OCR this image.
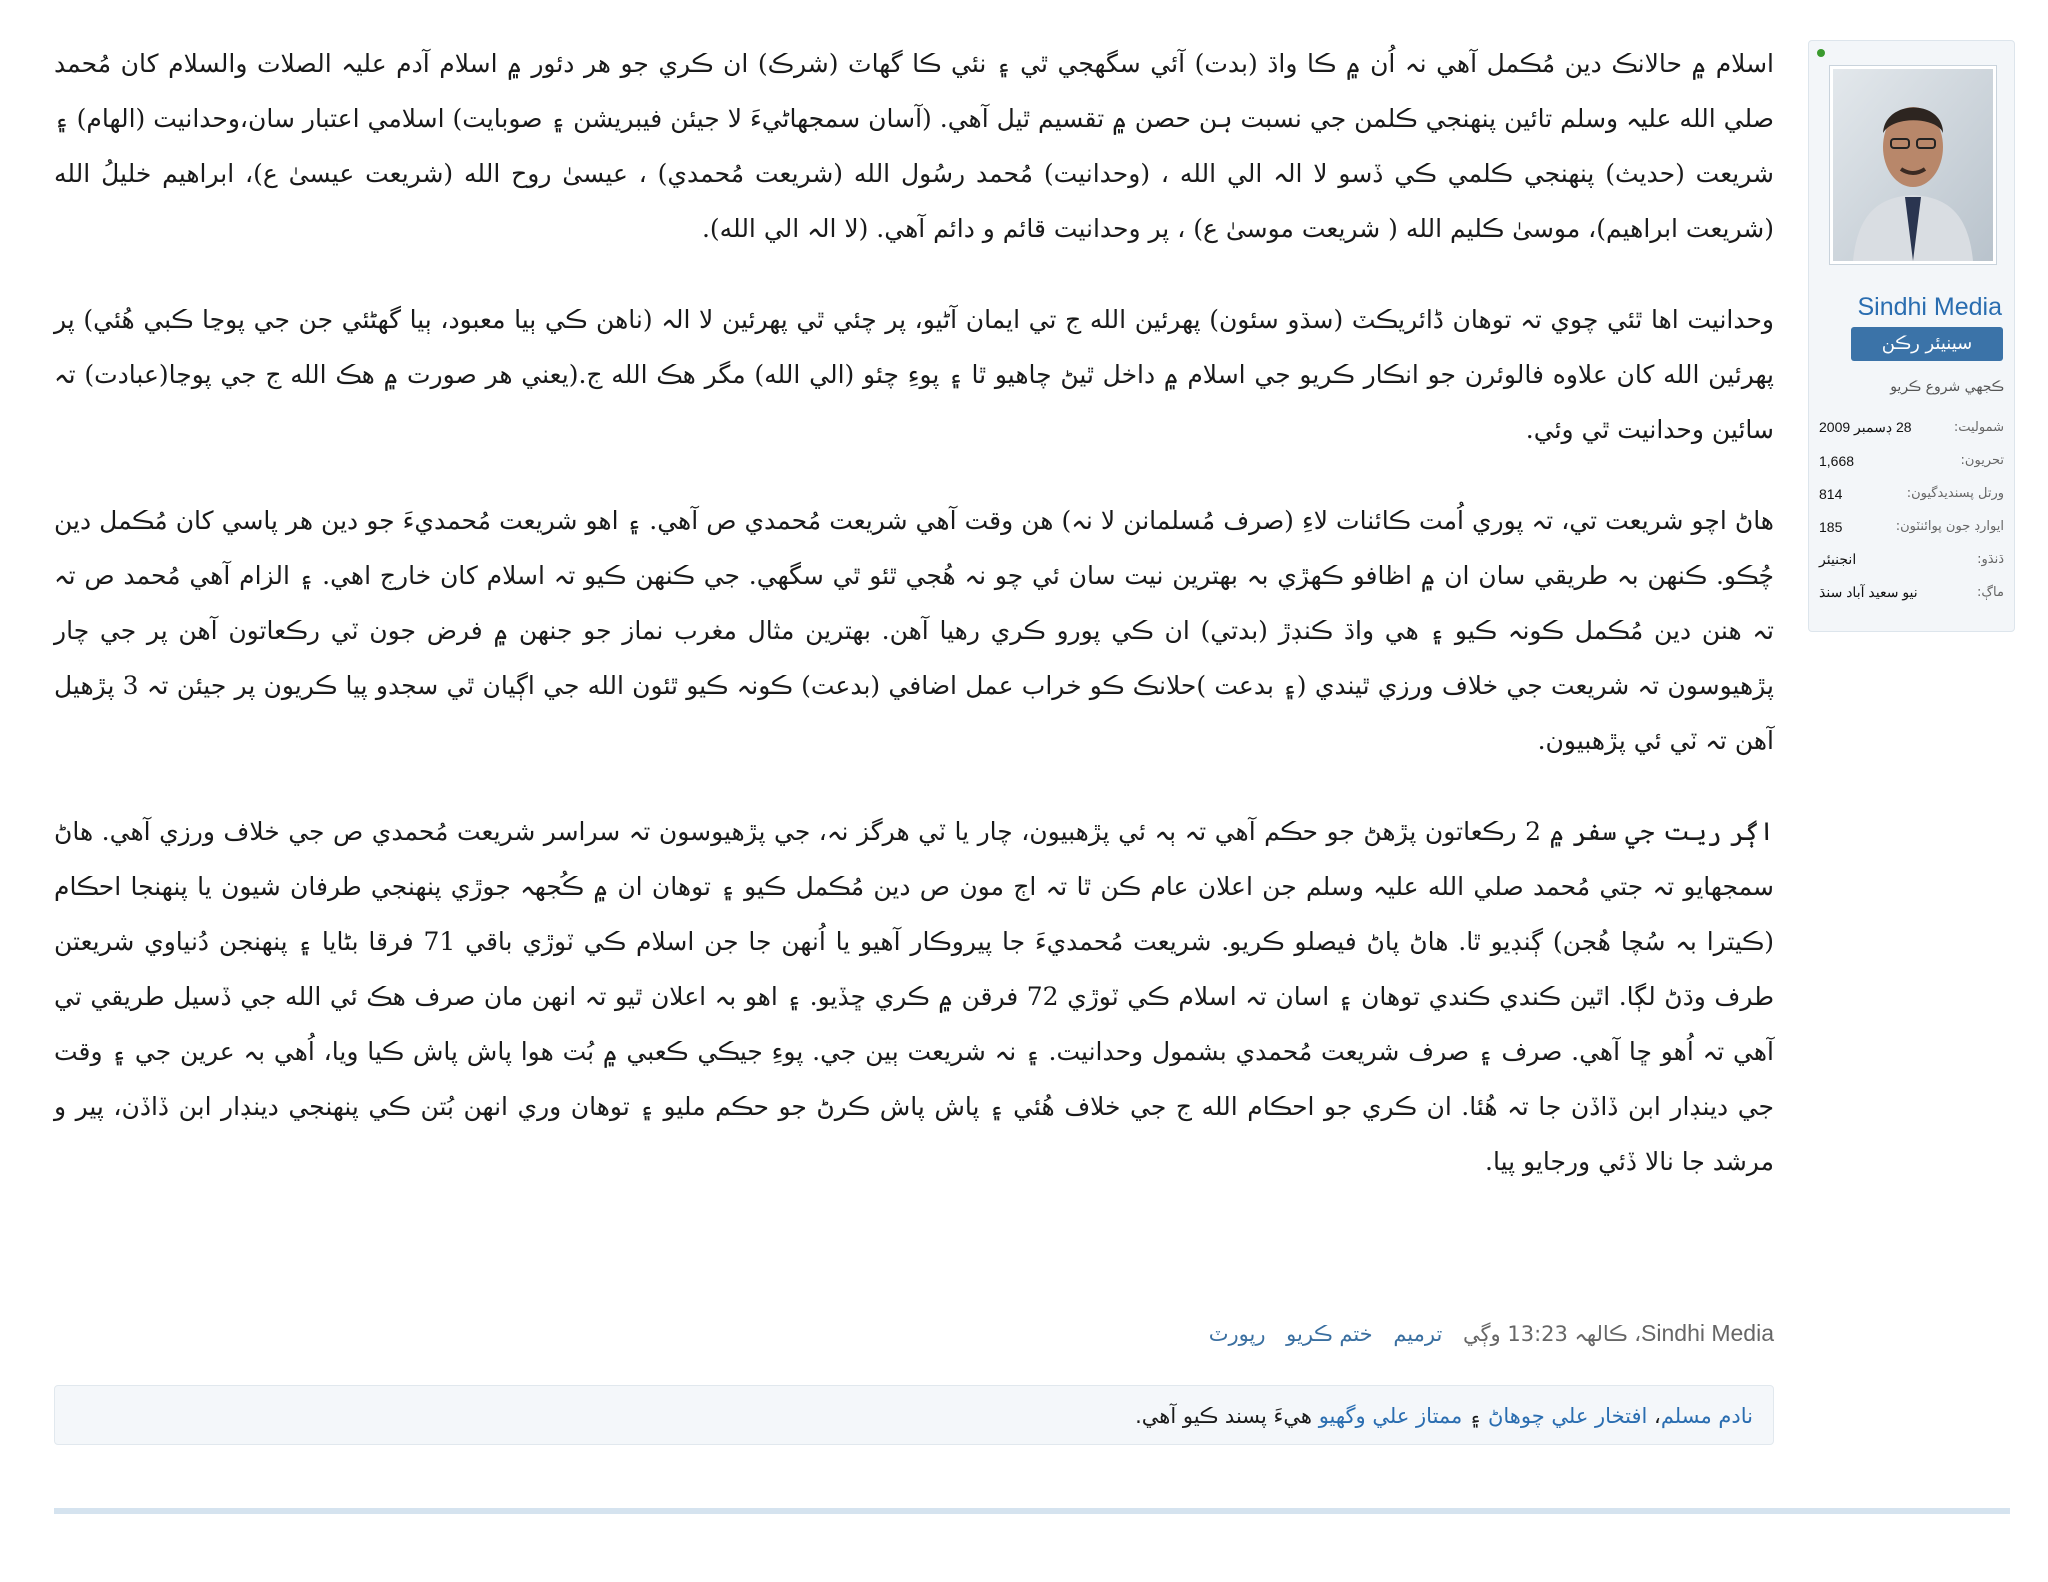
Sindhi Media
سينيئر رڪن
ڪجهي شروع ڪريو
28 ڊسمبر 2009	شموليت:
1,668	تحريون:
814	ورتل پسنديدگيون:
185	ايوارڊ جون پوائنٽون:
انجنيئر	ڌنڌو:
نيو سعيد آباد سنڌ	ماڳ:

اسلام ۾ حالانڪ دين مُڪمل آهي نہ اُن ۾ ڪا واڌ (بدت) آئي سگهجي ٿي ۽ نئي ڪا گهاٽ (شرڪ) ان ڪري جو هر دئور ۾ اسلام آدم عليہ الصلات والسلام کان مُحمد صلي الله عليہ وسلم تائين پنهنجي ڪلمن جي نسبت ہن حصن ۾ تقسيم ٿيل آهي. (آسان سمجهاڻيءَ لا جيئن فيبريشن ۽ صوبايت) اسلامي اعتبار سان،وحدانيت (الهام) ۽ شريعت (حديث) پنهنجي ڪلمي ڪي ڏسو لا الہ الي الله ، (وحدانيت) مُحمد رسُول الله (شريعت مُحمدي) ، عيسىٰ روح الله (شريعت عيسىٰ ع)، ابراهيم خليلُ الله (شريعت ابراهيم)، موسىٰ ڪليم الله ( شريعت موسىٰ ع) ، پر وحدانيت قائم و دائم آهي. (لا الہ الي الله).

وحدانيت اها ٿئي چوي تہ توهان ڈائريڪٽ (سڌو سئون) پهرئين الله ج تي ايمان آڻيو، پر چئي ٿي پهرئين لا الہ (ناهن ڪي ٻيا معبود، ٻيا گهڻئي جن جي پوڃا ڪبي هُئي) پر پهرئين الله کان علاوه فالوئرن جو انڪار ڪريو جي اسلام ۾ داخل ٿيڻ چاهيو ٿا ۽ پوءِ چئو (الي الله) مگر هڪ الله ج.(يعني هر صورت ۾ هڪ الله ج جي پوڃا(عبادت) تہ سائين وحدانيت ٿي وئي.

هاڻ اچو شريعت تي، تہ پوري اُمت ڪائنات لاءِ (صرف مُسلمانن لا نہ) هن وقت آهي شريعت مُحمدي ص آهي. ۽ اهو شريعت مُحمديءَ جو دين هر پاسي کان مُڪمل دين چُڪو. ڪنهن بہ طريقي سان ان ۾ اظافو ڪهڙي بہ بهترين نيت سان ئي چو نہ هُجي ٿئو ٿي سگهي. جي ڪنهن ڪيو تہ اسلام کان خارج اهي. ۽ الزام آهي مُحمد ص تہ تہ هنن دين مُڪمل ڪونہ ڪيو ۽ هي واڌ ڪنڊڙ (بدتي) ان ڪي پورو ڪري رهيا آهن. بهترين مثال مغرب نماز جو جنهن ۾ فرض جون ٽي رڪعاتون آهن پر جي چار پڙهيوسون تہ شريعت جي خلاف ورزي ٿيندي (۽ بدعت )حلانڪ ڪو خراب عمل اضافي (بدعت) ڪونہ ڪيو ٿئون الله جي اڳيان ٿي سجدو پيا ڪريون پر جيئن تہ 3 پڙهيل آهن تہ ٽي ئي پڙهبيون.

اڳر ريت جي سفر ۾ 2 رڪعاتون پڙهڻ جو حڪم آهي تہ ٻہ ئي پڙهبيون، چار يا ٽي هرگز نہ، جي پڙهيوسون تہ سراسر شريعت مُحمدي ص جي خلاف ورزي آهي. هاڻ سمجهايو تہ جتي مُحمد صلي الله عليہ وسلم جن اعلان عام ڪن ٿا تہ اڄ مون ص دين مُڪمل ڪيو ۽ توهان ان ۾ ڪُجهہ جوڙي پنهنجي طرفان شيون يا پنهنجا احڪام (ڪيترا بہ سُچا هُجن) ڳنڊيو ٿا. هاڻ پاڻ فيصلو ڪريو. شريعت مُحمديءَ جا پيروڪار آهيو يا اُنهن جا جن اسلام ڪي ٽوڙي باقي 71 فرقا بڻايا ۽ پنهنجن دُنياوي شريعتن طرف وڌڻ لڳا. اٿين ڪندي ڪندي توهان ۽ اسان تہ اسلام ڪي ٽوڙي 72 فرقن ۾ ڪري ڇڏيو. ۽ اهو بہ اعلان ٿيو تہ انهن مان صرف هڪ ئي الله جي ڏسيل طريقي تي آهي تہ اُهو ڇا آهي. صرف ۽ صرف شريعت مُحمدي بشمول وحدانيت. ۽ نہ شريعت ٻين جي. پوءِ جيڪي ڪعبي ۾ بُت هوا پاش پاش ڪيا ويا، اُهي بہ عرين جي ۽ وقت جي دينڊار ابن ڏاڏن جا تہ هُئا. ان ڪري جو احڪام الله ج جي خلاف هُئي ۽ پاش پاش ڪرڻ جو حڪم مليو ۽ توهان وري انهن بُتن ڪي پنهنجي دينڊار ابن ڏاڏن، پير و مرشد جا نالا ڏئي ورجايو پيا.

Sindhi Media، ڪالهہ 13:23 وڳي ترميم ختم ڪريو رپورٽ
نادم مسلم، افتخار علي چوهاڻ ۽ ممتاز علي وگهيو هيءَ پسند ڪيو آهي.
